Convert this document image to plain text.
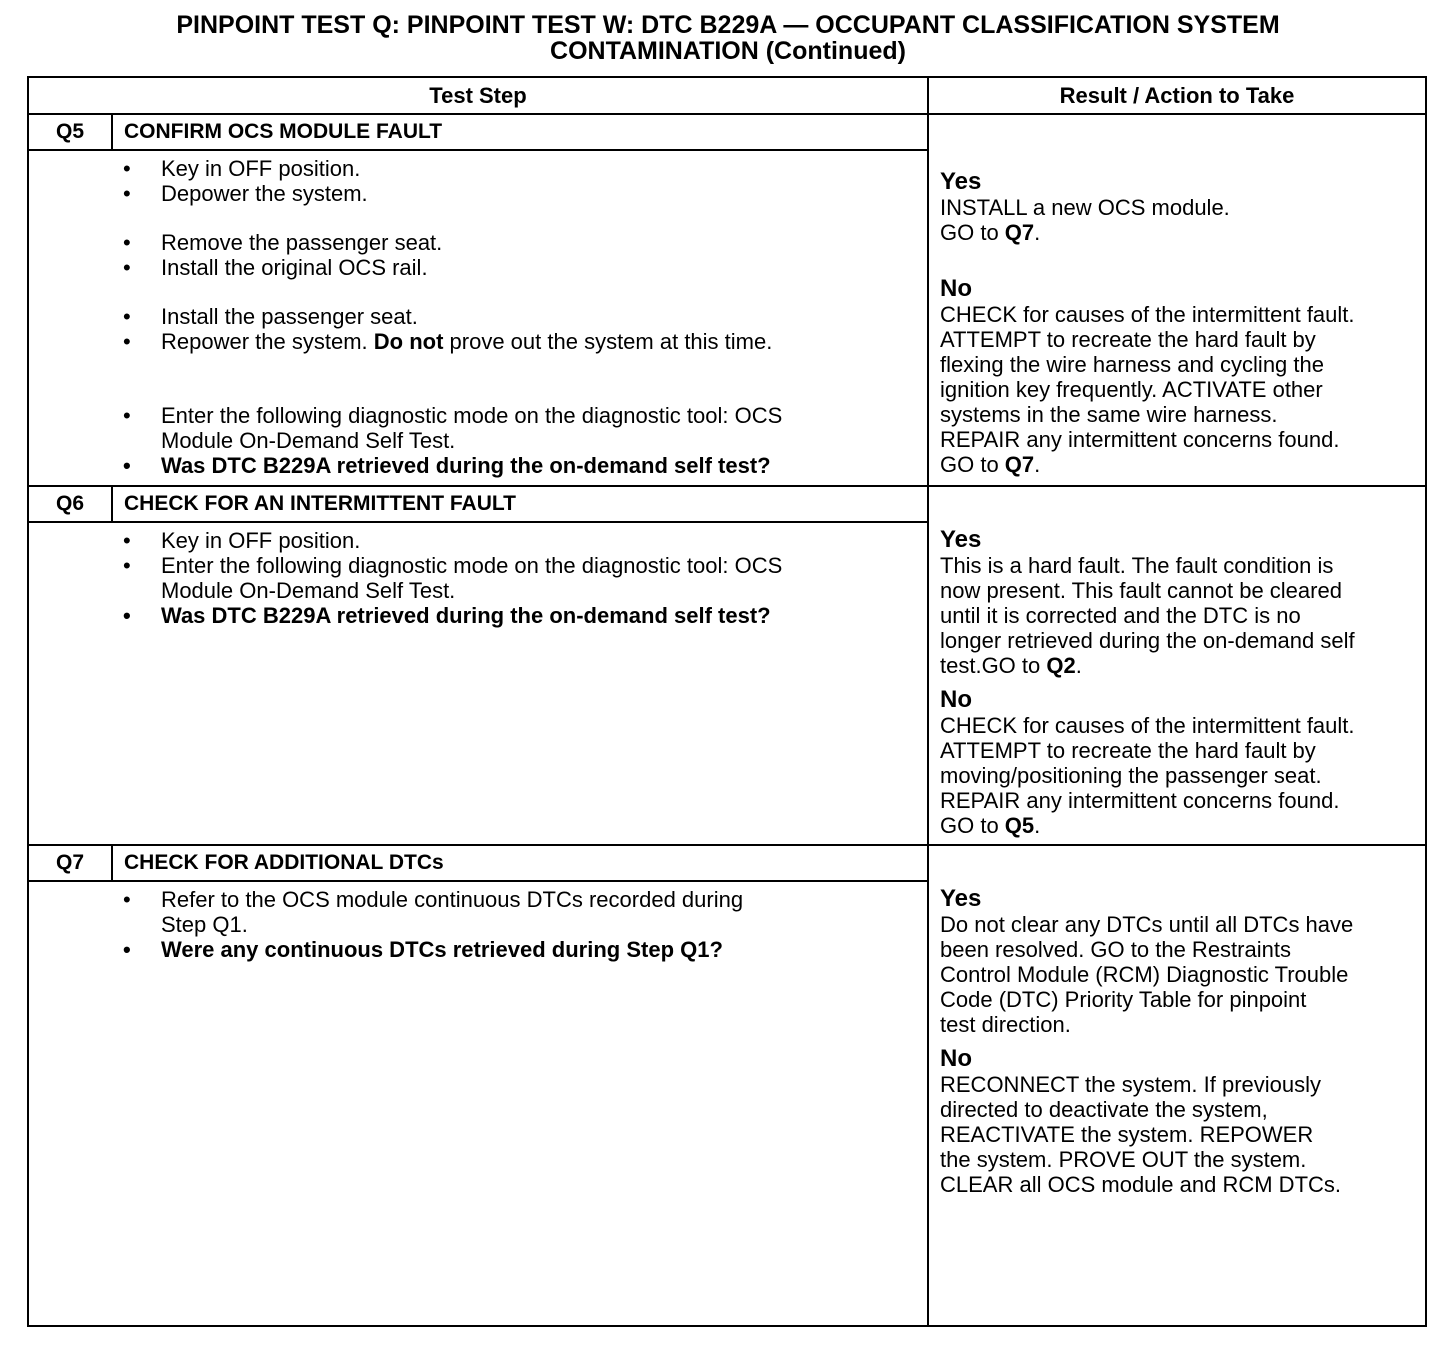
PINPOINT TEST Q: PINPOINT TEST W: DTC B229A — OCCUPANT CLASSIFICATION SYSTEM
CONTAMINATION (Continued)
Test Step	Result / Action to Take
Q5	CONFIRM OCS MODULE FAULT
• Key in OFF position.
• Depower the system.
• Remove the passenger seat.
• Install the original OCS rail.
• Install the passenger seat.
• Repower the system. Do not prove out the system at this time.
• Enter the following diagnostic mode on the diagnostic tool: OCS
Module On-Demand Self Test.
• Was DTC B229A retrieved during the on-demand self test?
Yes
INSTALL a new OCS module.
GO to Q7.
No
CHECK for causes of the intermittent fault.
ATTEMPT to recreate the hard fault by
flexing the wire harness and cycling the
ignition key frequently. ACTIVATE other
systems in the same wire harness.
REPAIR any intermittent concerns found.
GO to Q7.
Q6	CHECK FOR AN INTERMITTENT FAULT
• Key in OFF position.
• Enter the following diagnostic mode on the diagnostic tool: OCS
Module On-Demand Self Test.
• Was DTC B229A retrieved during the on-demand self test?
Yes
This is a hard fault. The fault condition is
now present. This fault cannot be cleared
until it is corrected and the DTC is no
longer retrieved during the on-demand self
test.GO to Q2.
No
CHECK for causes of the intermittent fault.
ATTEMPT to recreate the hard fault by
moving/positioning the passenger seat.
REPAIR any intermittent concerns found.
GO to Q5.
Q7	CHECK FOR ADDITIONAL DTCs
• Refer to the OCS module continuous DTCs recorded during
Step Q1.
• Were any continuous DTCs retrieved during Step Q1?
Yes
Do not clear any DTCs until all DTCs have
been resolved. GO to the Restraints
Control Module (RCM) Diagnostic Trouble
Code (DTC) Priority Table for pinpoint
test direction.
No
RECONNECT the system. If previously
directed to deactivate the system,
REACTIVATE the system. REPOWER
the system. PROVE OUT the system.
CLEAR all OCS module and RCM DTCs.
